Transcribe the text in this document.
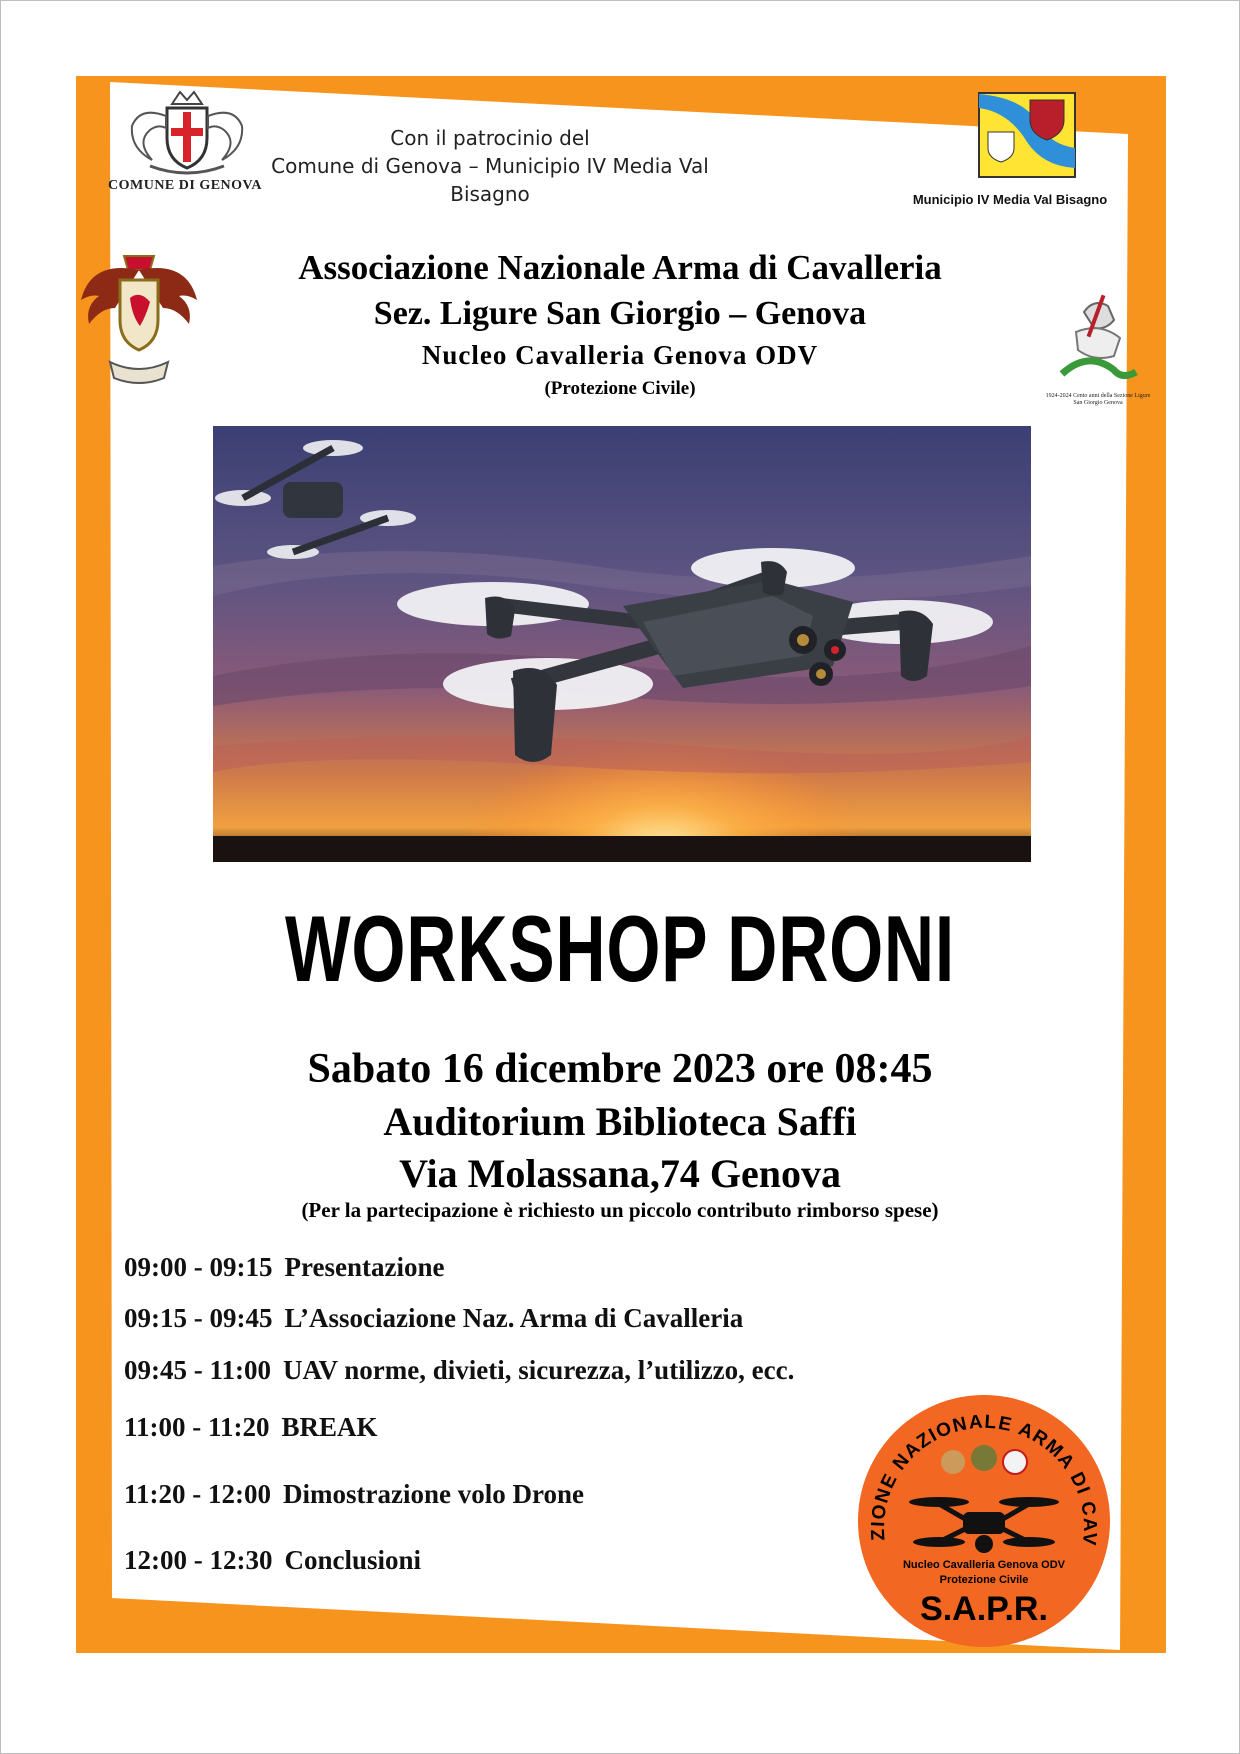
COMUNE DI GENOVA
Con il patrocinio del
Comune di Genova – Municipio IV Media Val Bisagno	Municipio IV Media Val Bisagno
1924-2024 Cento anni della Sezione Ligure San Giorgio Genova
Associazione Nazionale Arma di Cavalleria
Sez. Ligure San Giorgio – Genova
Nucleo Cavalleria Genova ODV
(Protezione Civile)
WORKSHOP DRONI
Sabato 16 dicembre 2023 ore 08:45
Auditorium Biblioteca Saffi
Via Molassana,74 Genova
(Per la partecipazione è richiesto un piccolo contributo rimborso spese)
09:00 - 09:15 Presentazione
09:15 - 09:45 L’Associazione Naz. Arma di Cavalleria
09:45 - 11:00 UAV norme, divieti, sicurezza, l’utilizzo, ecc.
11:00 - 11:20 BREAK
11:20 - 12:00 Dimostrazione volo Drone
12:00 - 12:30 Conclusioni
ZIONE NAZIONALE ARMA DI CAV
Nucleo Cavalleria Genova ODV
Protezione Civile
S.A.P.R.
